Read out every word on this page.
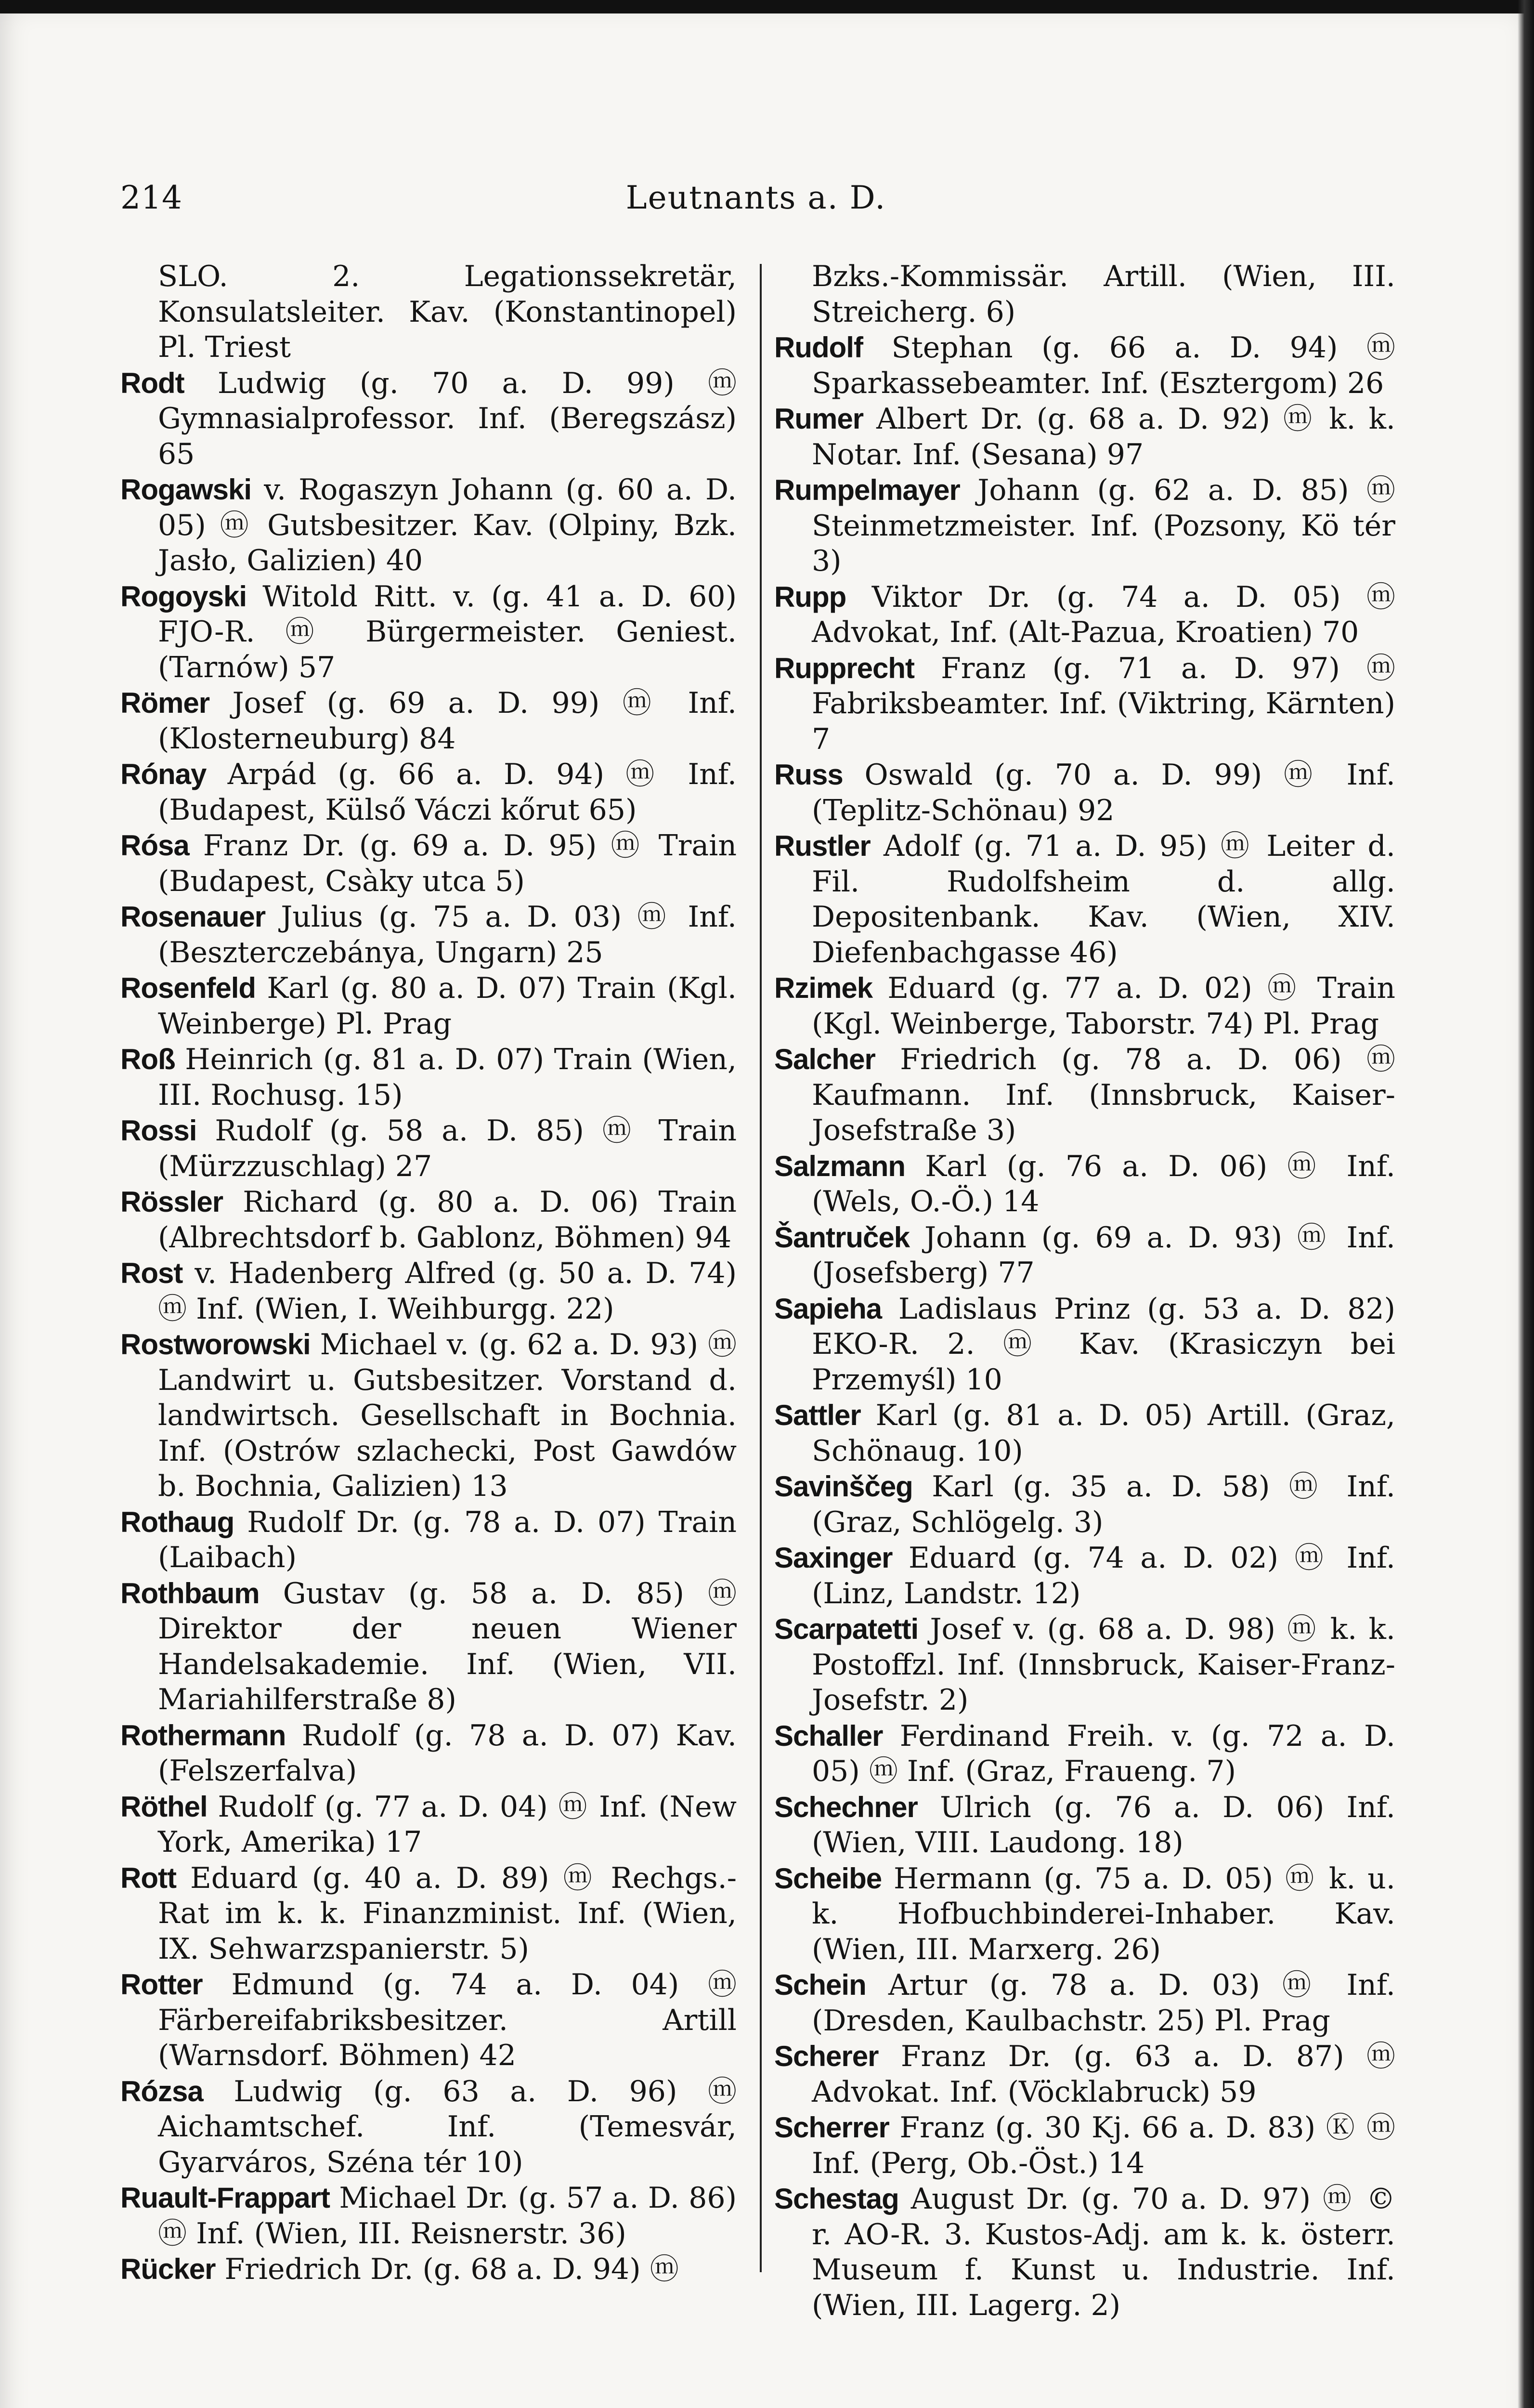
214	Leutnants a. D.

SLO. 2. Legationssekretär, Konsulatsleiter. Kav. (Konstantinopel) Pl. Triest

Rodt Ludwig (g. 70 a. D. 99) ⓜ Gymnasialprofessor. Inf. (Beregszász) 65

Rogawski v. Rogaszyn Johann (g. 60 a. D. 05) ⓜ Gutsbesitzer. Kav. (Olpiny, Bzk. Jasło, Galizien) 40

Rogoyski Witold Ritt. v. (g. 41 a. D. 60) FJO-R. ⓜ Bürgermeister. Geniest. (Tarnów) 57

Römer Josef (g. 69 a. D. 99) ⓜ Inf. (Klosterneuburg) 84

Rónay Arpád (g. 66 a. D. 94) ⓜ Inf. (Budapest, Külső Váczi kőrut 65)

Rósa Franz Dr. (g. 69 a. D. 95) ⓜ Train (Budapest, Csàky utca 5)

Rosenauer Julius (g. 75 a. D. 03) ⓜ Inf. (Beszterczebánya, Ungarn) 25

Rosenfeld Karl (g. 80 a. D. 07) Train (Kgl. Weinberge) Pl. Prag

Roß Heinrich (g. 81 a. D. 07) Train (Wien, III. Rochusg. 15)

Rossi Rudolf (g. 58 a. D. 85) ⓜ Train (Mürzzuschlag) 27

Rössler Richard (g. 80 a. D. 06) Train (Albrechtsdorf b. Gablonz, Böhmen) 94

Rost v. Hadenberg Alfred (g. 50 a. D. 74) ⓜ Inf. (Wien, I. Weihburgg. 22)

Rostworowski Michael v. (g. 62 a. D. 93) ⓜ Landwirt u. Gutsbesitzer. Vorstand d. landwirtsch. Gesellschaft in Bochnia. Inf. (Ostrów szlachecki, Post Gawdów b. Bochnia, Galizien) 13

Rothaug Rudolf Dr. (g. 78 a. D. 07) Train (Laibach)

Rothbaum Gustav (g. 58 a. D. 85) ⓜ Direktor der neuen Wiener Handelsakademie. Inf. (Wien, VII. Mariahilferstraße 8)

Rothermann Rudolf (g. 78 a. D. 07) Kav. (Felszerfalva)

Röthel Rudolf (g. 77 a. D. 04) ⓜ Inf. (New York, Amerika) 17

Rott Eduard (g. 40 a. D. 89) ⓜ Rechgs.-Rat im k. k. Finanzminist. Inf. (Wien, IX. Sehwarzspanierstr. 5)

Rotter Edmund (g. 74 a. D. 04) ⓜ Färbereifabriksbesitzer. Artill (Warnsdorf. Böhmen) 42

Rózsa Ludwig (g. 63 a. D. 96) ⓜ Aichamtschef. Inf. (Temesvár, Gyarváros, Széna tér 10)

Ruault-Frappart Michael Dr. (g. 57 a. D. 86) ⓜ Inf. (Wien, III. Reisnerstr. 36)

Rücker Friedrich Dr. (g. 68 a. D. 94) ⓜ

Bzks.-Kommissär. Artill. (Wien, III. Streicherg. 6)

Rudolf Stephan (g. 66 a. D. 94) ⓜ Sparkassebeamter. Inf. (Esztergom) 26

Rumer Albert Dr. (g. 68 a. D. 92) ⓜ k. k. Notar. Inf. (Sesana) 97

Rumpelmayer Johann (g. 62 a. D. 85) ⓜ Steinmetzmeister. Inf. (Pozsony, Kö tér 3)

Rupp Viktor Dr. (g. 74 a. D. 05) ⓜ Advokat, Inf. (Alt-Pazua, Kroatien) 70

Rupprecht Franz (g. 71 a. D. 97) ⓜ Fabriksbeamter. Inf. (Viktring, Kärnten) 7

Russ Oswald (g. 70 a. D. 99) ⓜ Inf. (Teplitz-Schönau) 92

Rustler Adolf (g. 71 a. D. 95) ⓜ Leiter d. Fil. Rudolfsheim d. allg. Depositenbank. Kav. (Wien, XIV. Diefenbachgasse 46)

Rzimek Eduard (g. 77 a. D. 02) ⓜ Train (Kgl. Weinberge, Taborstr. 74) Pl. Prag

Salcher Friedrich (g. 78 a. D. 06) ⓜ Kaufmann. Inf. (Innsbruck, Kaiser-Josefstraße 3)

Salzmann Karl (g. 76 a. D. 06) ⓜ Inf. (Wels, O.-Ö.) 14

Šantruček Johann (g. 69 a. D. 93) ⓜ Inf. (Josefsberg) 77

Sapieha Ladislaus Prinz (g. 53 a. D. 82) EKO-R. 2. ⓜ Kav. (Krasiczyn bei Przemyśl) 10

Sattler Karl (g. 81 a. D. 05) Artill. (Graz, Schönaug. 10)

Savinščeg Karl (g. 35 a. D. 58) ⓜ Inf. (Graz, Schlögelg. 3)

Saxinger Eduard (g. 74 a. D. 02) ⓜ Inf. (Linz, Landstr. 12)

Scarpatetti Josef v. (g. 68 a. D. 98) ⓜ k. k. Postoffzl. Inf. (Innsbruck, Kaiser-Franz-Josefstr. 2)

Schaller Ferdinand Freih. v. (g. 72 a. D. 05) ⓜ Inf. (Graz, Fraueng. 7)

Schechner Ulrich (g. 76 a. D. 06) Inf. (Wien, VIII. Laudong. 18)

Scheibe Hermann (g. 75 a. D. 05) ⓜ k. u. k. Hofbuchbinderei-Inhaber. Kav. (Wien, III. Marxerg. 26)

Schein Artur (g. 78 a. D. 03) ⓜ Inf. (Dresden, Kaulbachstr. 25) Pl. Prag

Scherer Franz Dr. (g. 63 a. D. 87) ⓜ Advokat. Inf. (Vöcklabruck) 59

Scherrer Franz (g. 30 Kj. 66 a. D. 83) Ⓚ ⓜ Inf. (Perg, Ob.-Öst.) 14

Schestag August Dr. (g. 70 a. D. 97) ⓜ © r. AO-R. 3. Kustos-Adj. am k. k. österr. Museum f. Kunst u. Industrie. Inf. (Wien, III. Lagerg. 2)
